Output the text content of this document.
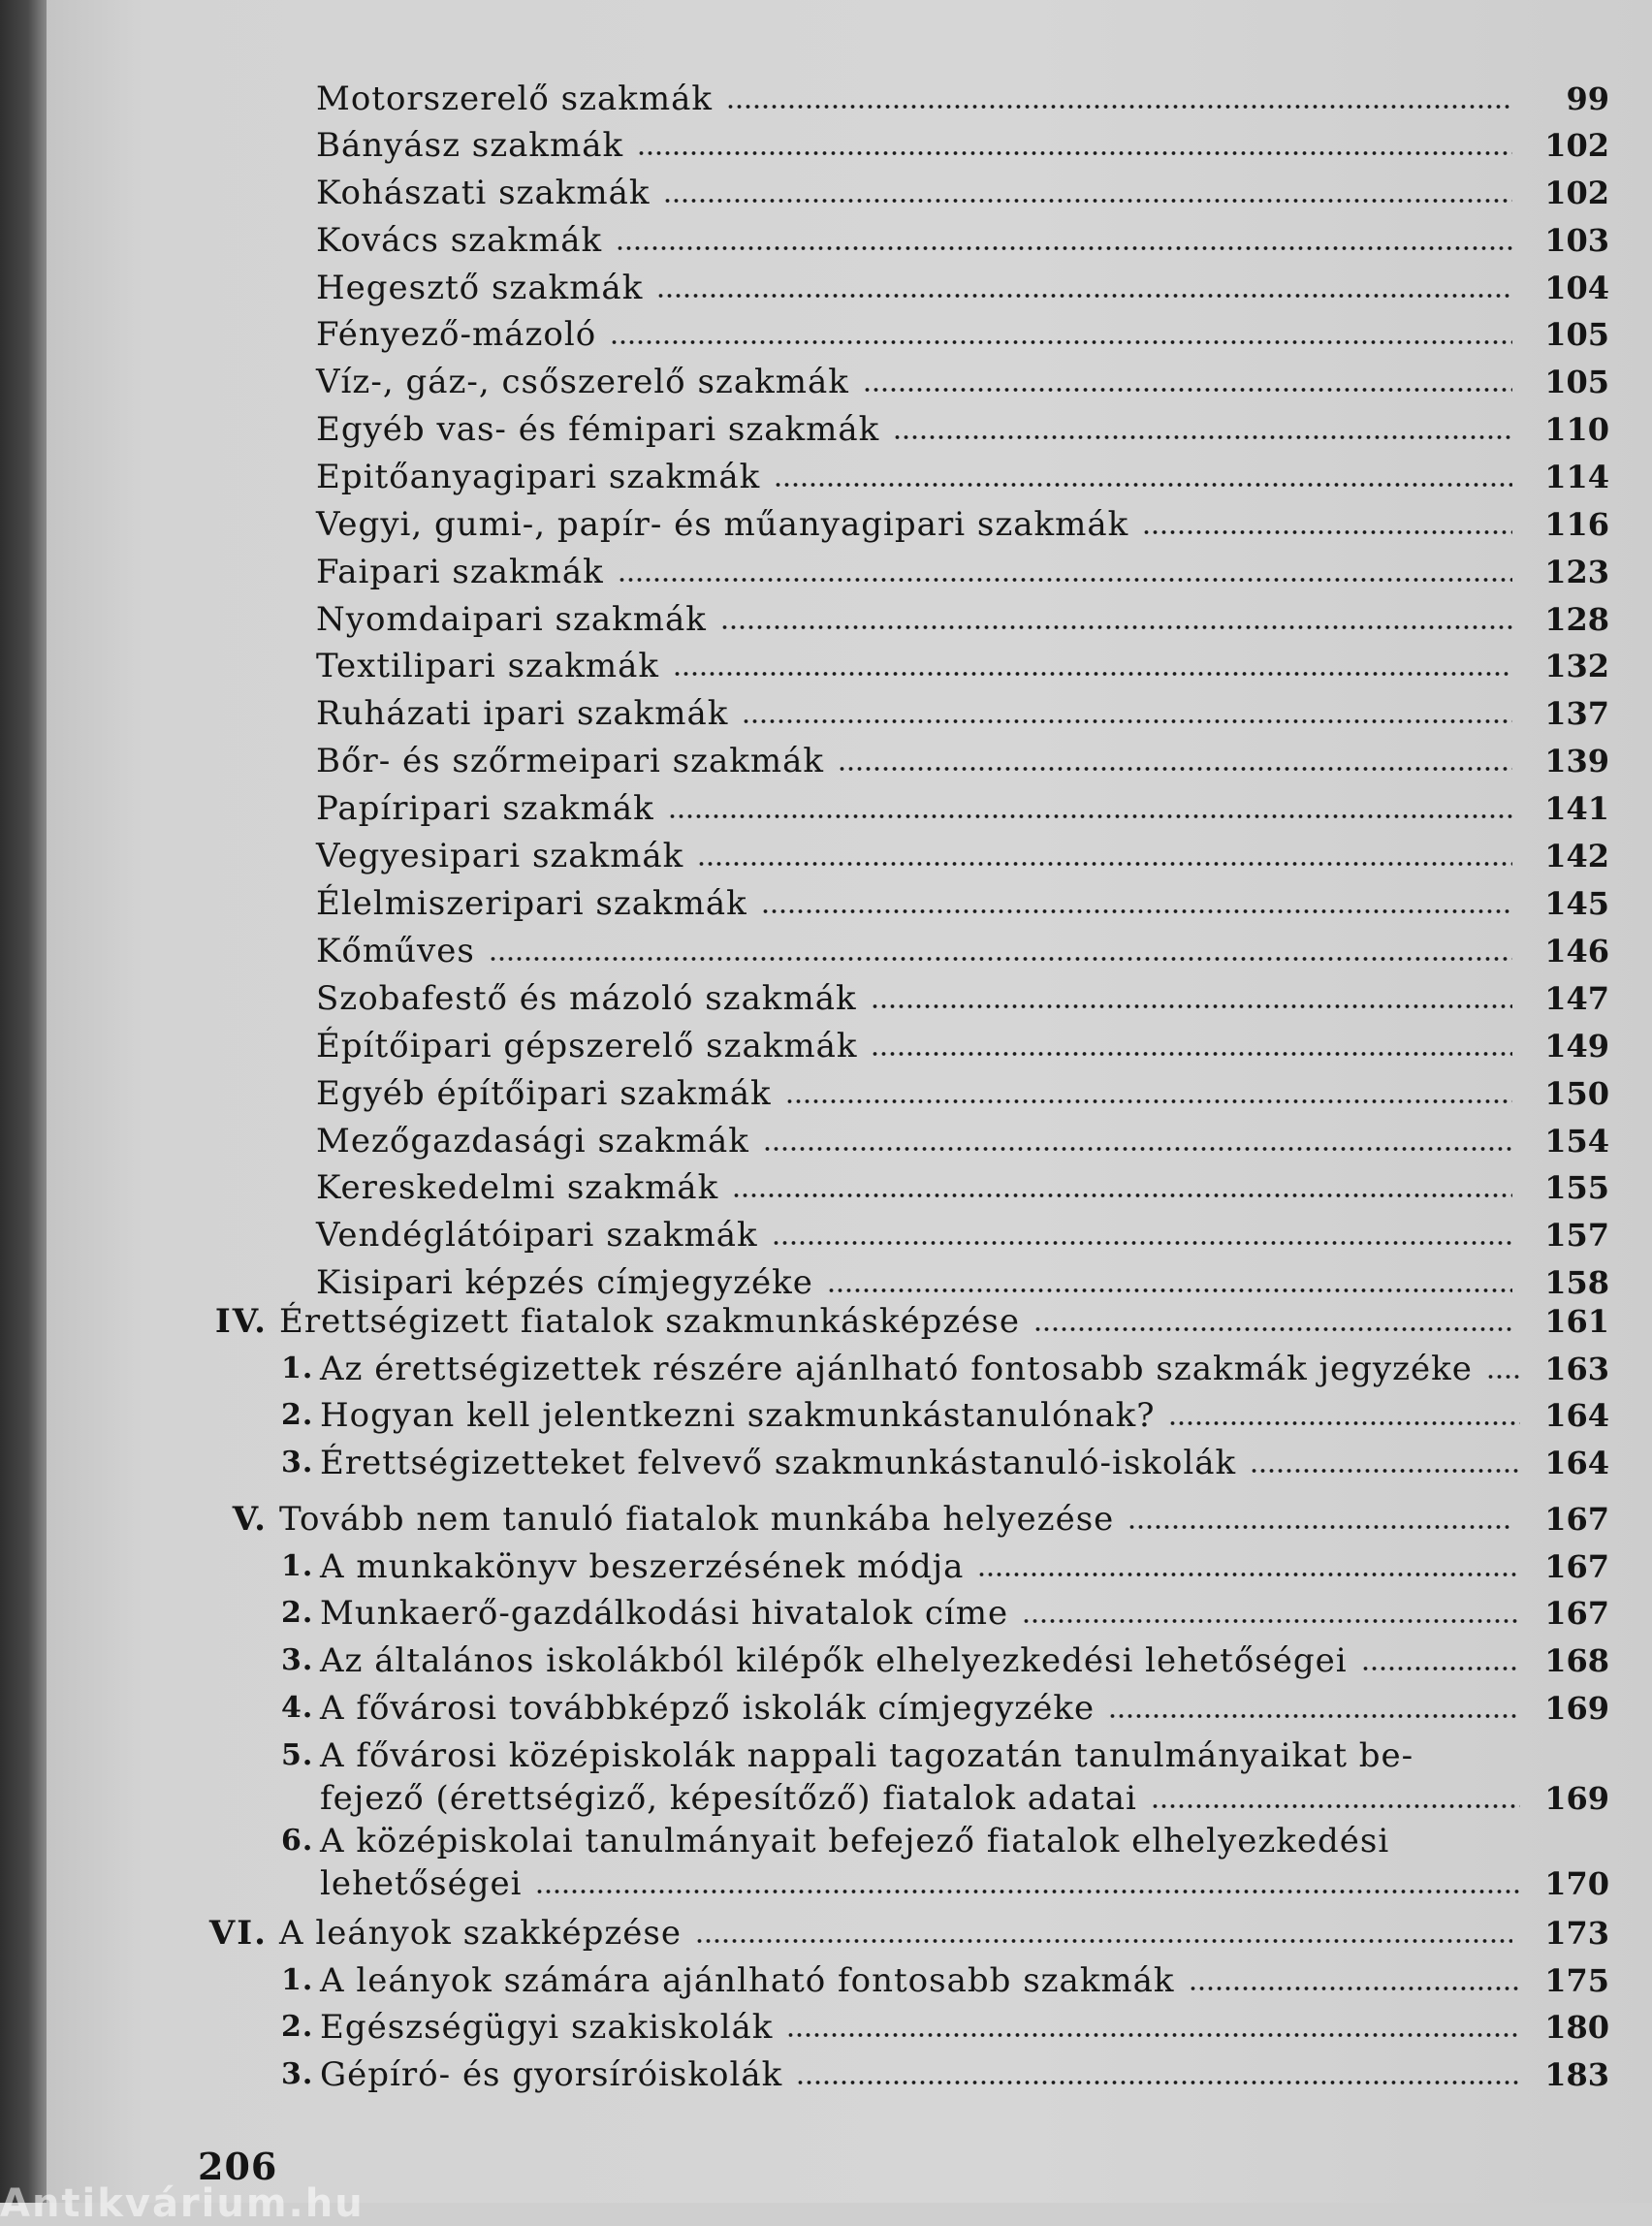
Motorszerelő szakmák	99
Bányász szakmák	102
Kohászati szakmák	102
Kovács szakmák	103
Hegesztő szakmák	104
Fényező-mázoló	105
Víz-, gáz-, csőszerelő szakmák	105
Egyéb vas- és fémipari szakmák	110
Epitőanyagipari szakmák	114
Vegyi, gumi-, papír- és műanyagipari szakmák	116
Faipari szakmák	123
Nyomdaipari szakmák	128
Textilipari szakmák	132
Ruházati ipari szakmák	137
Bőr- és szőrmeipari szakmák	139
Papíripari szakmák	141
Vegyesipari szakmák	142
Élelmiszeripari szakmák	145
Kőműves	146
Szobafestő és mázoló szakmák	147
Építőipari gépszerelő szakmák	149
Egyéb építőipari szakmák	150
Mezőgazdasági szakmák	154
Kereskedelmi szakmák	155
Vendéglátóipari szakmák	157
Kisipari képzés címjegyzéke	158
IV. Érettségizett fiatalok szakmunkásképzése	161
1. Az érettségizettek részére ajánlható fontosabb szakmák jegyzéke	163
2. Hogyan kell jelentkezni szakmunkástanulónak?	164
3. Érettségizetteket felvevő szakmunkástanuló-iskolák	164
V. Tovább nem tanuló fiatalok munkába helyezése	167
1. A munkakönyv beszerzésének módja	167
2. Munkaerő-gazdálkodási hivatalok címe	167
3. Az általános iskolákból kilépők elhelyezkedési lehetőségei	168
4. A fővárosi továbbképző iskolák címjegyzéke	169
5. A fővárosi középiskolák nappali tagozatán tanulmányaikat be-
fejező (érettségiző, képesítőző) fiatalok adatai	169
6. A középiskolai tanulmányait befejező fiatalok elhelyezkedési
lehetőségei	170
VI. A leányok szakképzése	173
1. A leányok számára ajánlható fontosabb szakmák	175
2. Egészségügyi szakiskolák	180
3. Gépíró- és gyorsíróiskolák	183
206
Antikvárium.hu
